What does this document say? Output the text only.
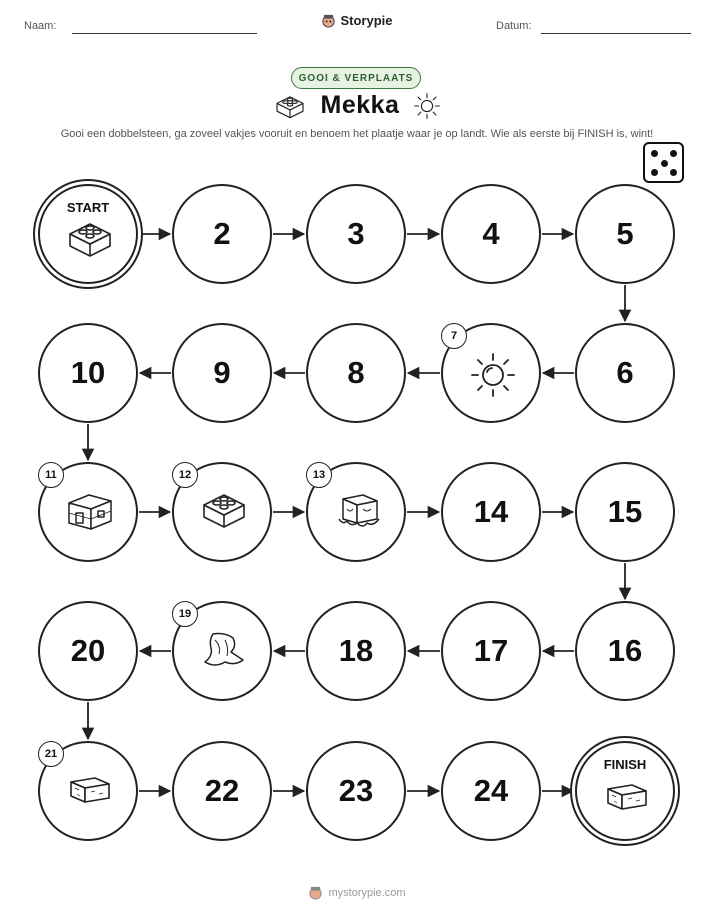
Naam:	Datum:
Storypie
GOOI & VERPLAATS
Mekka
Gooi een dobbelsteen, ga zoveel vakjes vooruit en benoem het plaatje waar je op landt. Wie als eerste bij FINISH is, wint!
START
2	3	4	5
6
7
8
9
10
11	12	13
14	15
16
17
18
19
20
21
22	23	24
FINISH
mystorypie.com
